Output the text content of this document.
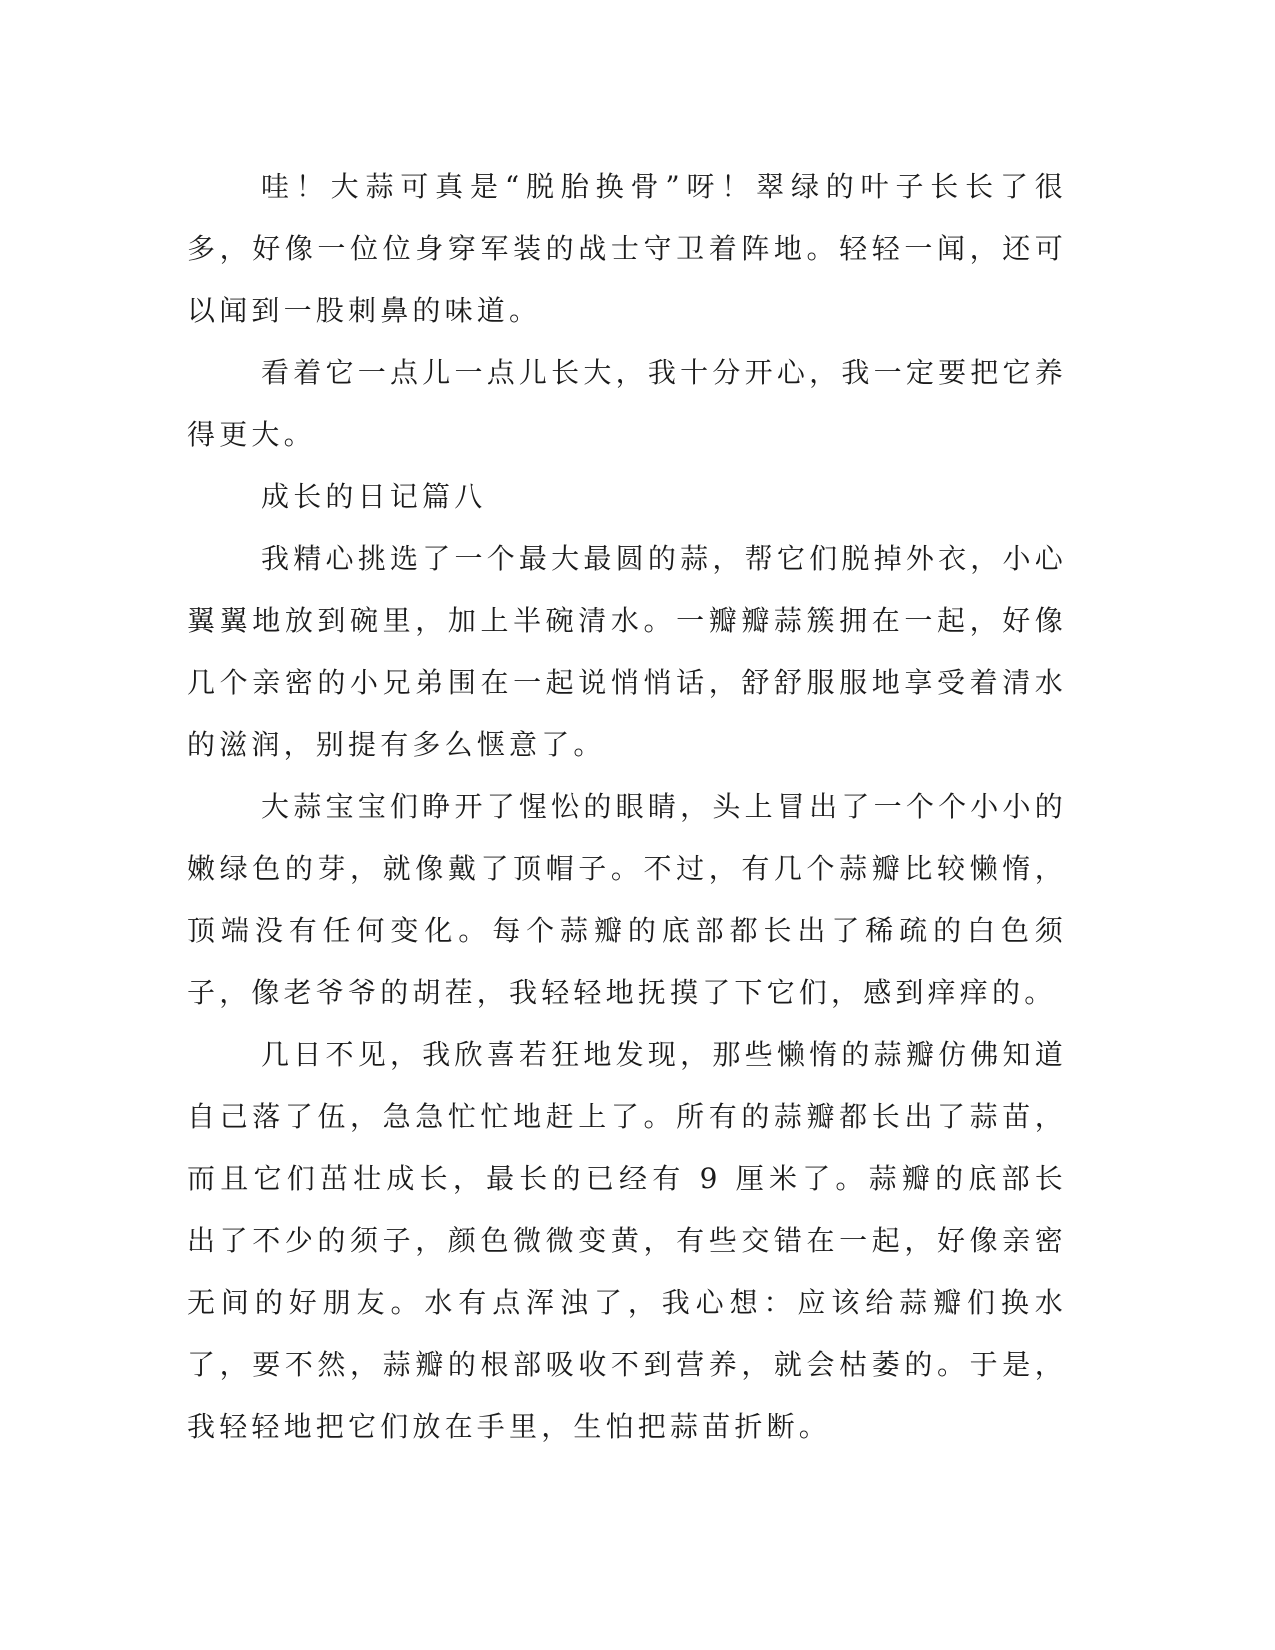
哇！大蒜可真是“脱胎换骨”呀！翠绿的叶子长长了很多，好像一位位身穿军装的战士守卫着阵地。轻轻一闻，还可以闻到一股刺鼻的味道。

看着它一点儿一点儿长大，我十分开心，我一定要把它养得更大。

成长的日记篇八

我精心挑选了一个最大最圆的蒜，帮它们脱掉外衣，小心翼翼地放到碗里，加上半碗清水。一瓣瓣蒜簇拥在一起，好像几个亲密的小兄弟围在一起说悄悄话，舒舒服服地享受着清水的滋润，别提有多么惬意了。

大蒜宝宝们睁开了惺忪的眼睛，头上冒出了一个个小小的嫩绿色的芽，就像戴了顶帽子。不过，有几个蒜瓣比较懒惰，顶端没有任何变化。每个蒜瓣的底部都长出了稀疏的白色须子，像老爷爷的胡茬，我轻轻地抚摸了下它们，感到痒痒的。

几日不见，我欣喜若狂地发现，那些懒惰的蒜瓣仿佛知道自己落了伍，急急忙忙地赶上了。所有的蒜瓣都长出了蒜苗，而且它们茁壮成长，最长的已经有 9 厘米了。蒜瓣的底部长出了不少的须子，颜色微微变黄，有些交错在一起，好像亲密无间的好朋友。水有点浑浊了，我心想：应该给蒜瓣们换水了，要不然，蒜瓣的根部吸收不到营养，就会枯萎的。于是，我轻轻地把它们放在手里，生怕把蒜苗折断。
